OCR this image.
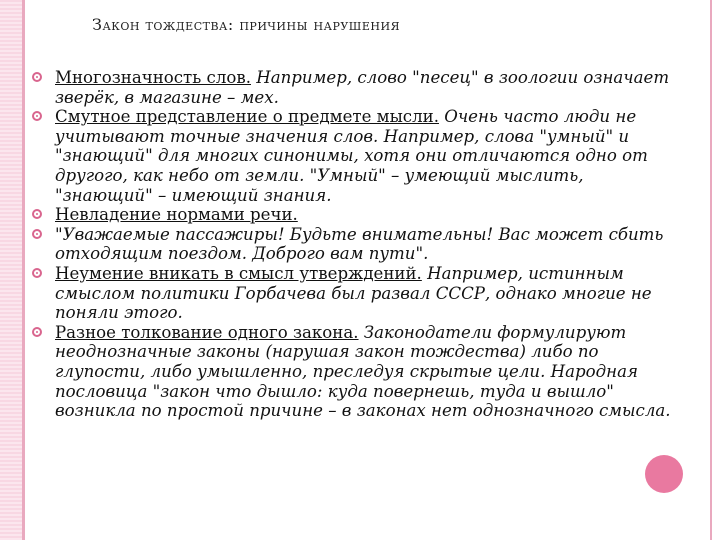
Закон тождества: причины нарушения
Многозначность слов. Например, слово "песец" в зоологии означает зверёк, в магазине – мех.
Смутное представление о предмете мысли. Очень часто люди не учитывают точные значения слов. Например, слова "умный" и "знающий" для многих синонимы, хотя они отличаются одно от другого, как небо от земли. "Умный" – умеющий мыслить, "знающий" – имеющий знания.
Невладение нормами речи.
"Уважаемые пассажиры! Будьте внимательны! Вас может сбить отходящим поездом. Доброго вам пути".
Неумение вникать в смысл утверждений. Например, истинным смыслом политики Горбачева был развал СССР, однако многие не поняли этого.
Разное толкование одного закона. Законодатели формулируют неоднозначные законы (нарушая закон тождества) либо по глупости, либо умышленно, преследуя скрытые цели. Народная пословица "закон что дышло: куда повернешь, туда и вышло" возникла по простой причине – в законах нет однозначного смысла.
